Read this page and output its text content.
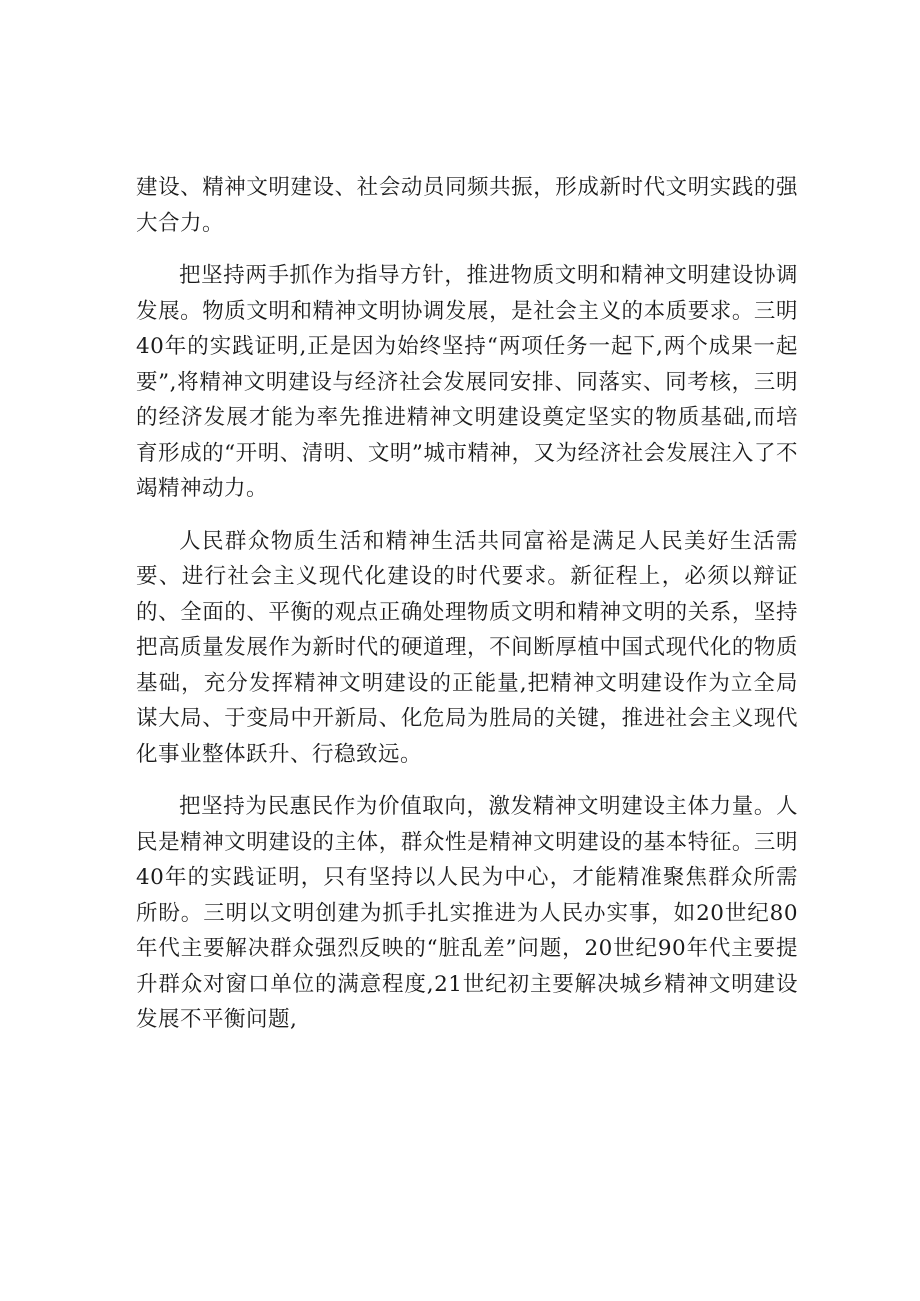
建设、精神文明建设、社会动员同频共振，形成新时代文明实践的强大合力。

把坚持两手抓作为指导方针，推进物质文明和精神文明建设协调发展。物质文明和精神文明协调发展，是社会主义的本质要求。三明40年的实践证明,正是因为始终坚持“两项任务一起下,两个成果一起要”,将精神文明建设与经济社会发展同安排、同落实、同考核，三明的经济发展才能为率先推进精神文明建设奠定坚实的物质基础,而培育形成的“开明、清明、文明”城市精神，又为经济社会发展注入了不竭精神动力。

人民群众物质生活和精神生活共同富裕是满足人民美好生活需要、进行社会主义现代化建设的时代要求。新征程上，必须以辩证的、全面的、平衡的观点正确处理物质文明和精神文明的关系，坚持把高质量发展作为新时代的硬道理，不间断厚植中国式现代化的物质基础，充分发挥精神文明建设的正能量,把精神文明建设作为立全局谋大局、于变局中开新局、化危局为胜局的关键，推进社会主义现代化事业整体跃升、行稳致远。

把坚持为民惠民作为价值取向，激发精神文明建设主体力量。人民是精神文明建设的主体，群众性是精神文明建设的基本特征。三明40年的实践证明，只有坚持以人民为中心，才能精准聚焦群众所需所盼。三明以文明创建为抓手扎实推进为人民办实事，如20世纪80年代主要解决群众强烈反映的“脏乱差”问题，20世纪90年代主要提升群众对窗口单位的满意程度,21世纪初主要解决城乡精神文明建设发展不平衡问题,
